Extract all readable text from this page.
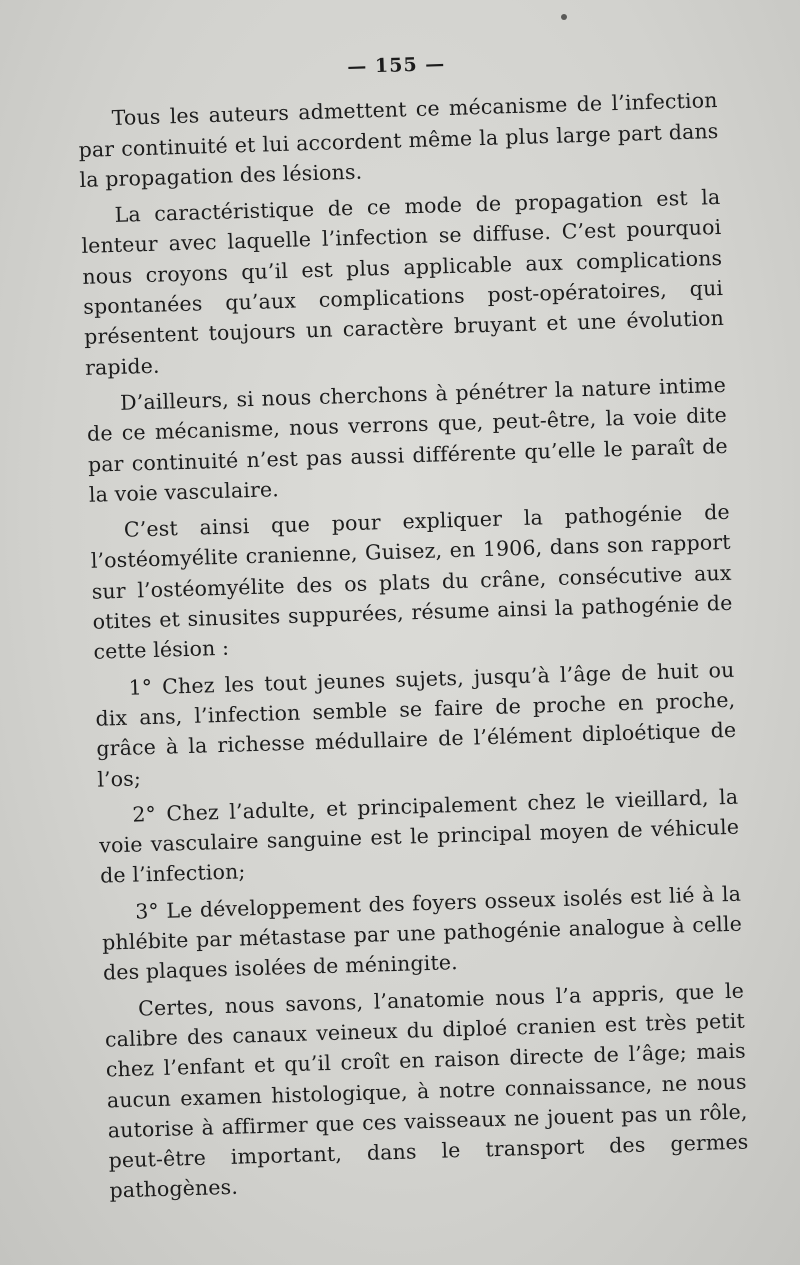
— 155 —

Tous les auteurs admettent ce mécanisme de l’infection par continuité et lui accordent même la plus large part dans la propagation des lésions.

La caractéristique de ce mode de propagation est la lenteur avec laquelle l’infection se diffuse. C’est pourquoi nous croyons qu’il est plus applicable aux complications spontanées qu’aux complications post-opératoires, qui présentent toujours un caractère bruyant et une évolution rapide.

D’ailleurs, si nous cherchons à pénétrer la nature intime de ce mécanisme, nous verrons que, peut-être, la voie dite par continuité n’est pas aussi différente qu’elle le paraît de la voie vasculaire.

C’est ainsi que pour expliquer la pathogénie de l’ostéomyélite cranienne, Guisez, en 1906, dans son rapport sur l’ostéomyélite des os plats du crâne, consécutive aux otites et sinusites suppurées, résume ainsi la pathogénie de cette lésion :

1° Chez les tout jeunes sujets, jusqu’à l’âge de huit ou dix ans, l’infection semble se faire de proche en proche, grâce à la richesse médullaire de l’élément diploétique de l’os;

2° Chez l’adulte, et principalement chez le vieillard, la voie vasculaire sanguine est le principal moyen de véhicule de l’infection;

3° Le développement des foyers osseux isolés est lié à la phlébite par métastase par une pathogénie analogue à celle des plaques isolées de méningite.

Certes, nous savons, l’anatomie nous l’a appris, que le calibre des canaux veineux du diploé cranien est très petit chez l’enfant et qu’il croît en raison directe de l’âge; mais aucun examen histologique, à notre connaissance, ne nous autorise à affirmer que ces vaisseaux ne jouent pas un rôle, peut-être important, dans le transport des germes pathogènes.
